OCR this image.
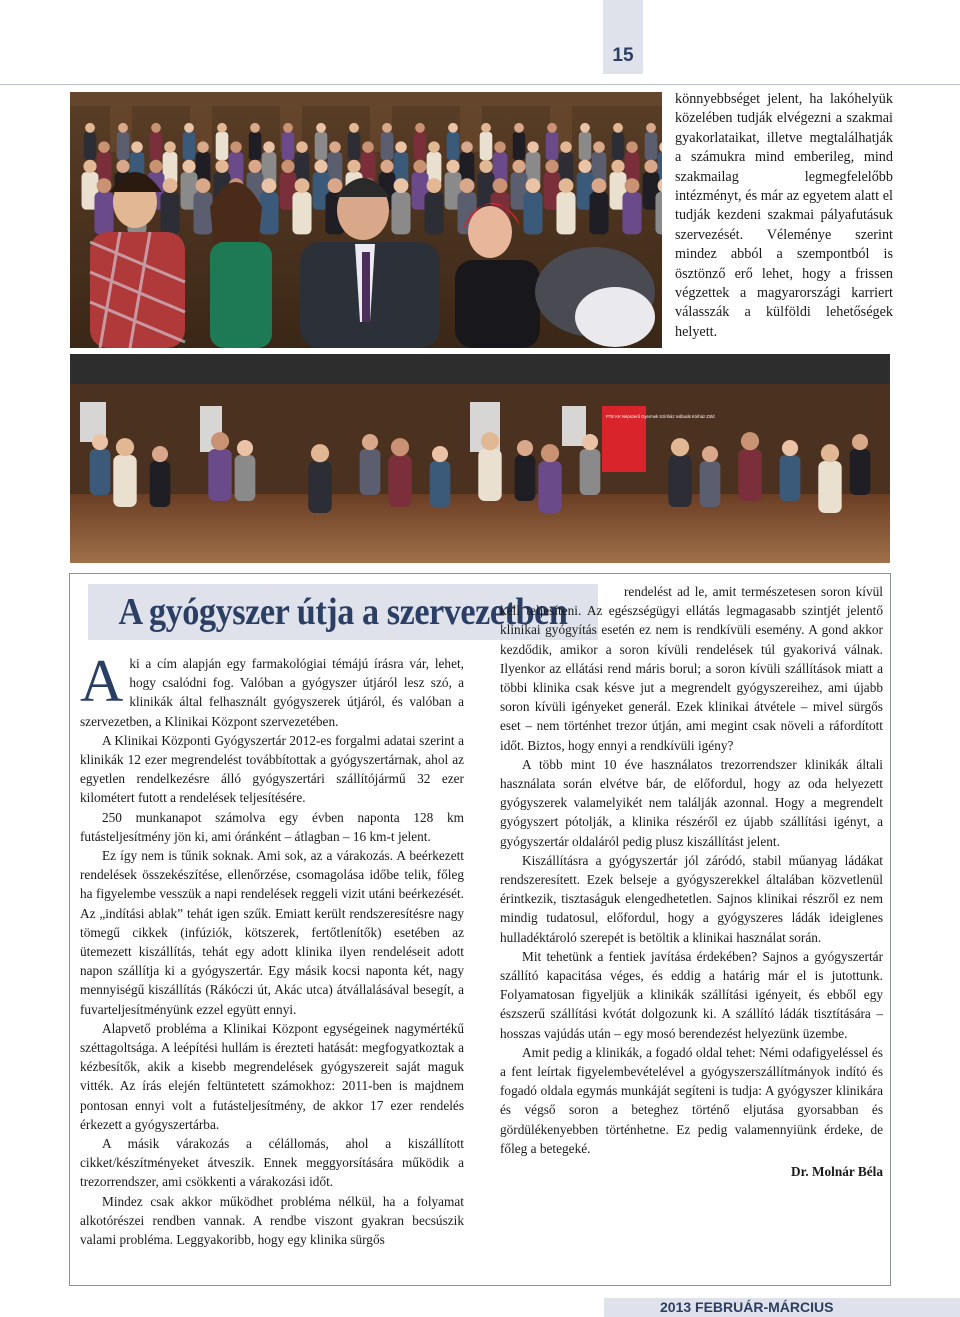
15
könnyebbséget jelent, ha lakóhelyük közelében tudják elvégezni a szakmai gyakorlataikat, illetve megtalálhatják a számukra mind emberileg, mind szakmailag legmegfelelőbb intézményt, és már az egyetem alatt el tudják kezdeni szakmai pályafutásuk szervezését. Véleménye szerint mindez abból a szempontból is ösztönző erő lehet, hogy a frissen végzettek a magyarországi karriert válasszák a külföldi lehetőségek helyett.
PTE KK Népszerű Gyermek Színház Ivóbarát Kórház Zöld
A gyógyszer útja a szervezetben

Aki a cím alapján egy farmakológiai témájú írásra vár, lehet, hogy csalódni fog. Valóban a gyógyszer útjáról lesz szó, a klinikák által felhasznált gyógyszerek útjáról, és valóban a szervezetben, a Klinikai Központ szervezetében.

A Klinikai Központi Gyógyszertár 2012-es forgalmi adatai szerint a klinikák 12 ezer megrendelést továbbítottak a gyógyszertárnak, ahol az egyetlen rendelkezésre álló gyógyszertári szállítójármű 32 ezer kilométert futott a rendelések teljesítésére.

250 munkanapot számolva egy évben naponta 128 km futásteljesítmény jön ki, ami óránként – átlagban – 16 km-t jelent.

Ez így nem is tűnik soknak. Ami sok, az a várakozás. A beérkezett rendelések összekészítése, ellenőrzése, csomagolása időbe telik, főleg ha figyelembe vesszük a napi rendelések reggeli vizit utáni beérkezését. Az „indítási ablak” tehát igen szűk. Emiatt került rendszeresítésre nagy tömegű cikkek (infúziók, kötszerek, fertőtlenítők) esetében az ütemezett kiszállítás, tehát egy adott klinika ilyen rendeléseit adott napon szállítja ki a gyógyszertár. Egy másik kocsi naponta két, nagy mennyiségű kiszállítás (Rákóczi út, Akác utca) átvállalásával besegít, a fuvarteljesítményünk ezzel együtt ennyi.

Alapvető probléma a Klinikai Központ egységeinek nagymértékű széttagoltsága. A leépítési hullám is érezteti hatását: megfogyatkoztak a kézbesítők, akik a kisebb megrendelések gyógyszereit saját maguk vitték. Az írás elején feltüntetett számokhoz: 2011-ben is majdnem pontosan ennyi volt a futásteljesítmény, de akkor 17 ezer rendelés érkezett a gyógyszertárba.

A másik várakozás a célállomás, ahol a kiszállított cikket/készítményeket átveszik. Ennek meggyorsítására működik a trezorrendszer, ami csökkenti a várakozási időt.

Mindez csak akkor működhet probléma nélkül, ha a folyamat alkotórészei rendben vannak. A rendbe viszont gyakran becsúszik valami probléma. Leggyakoribb, hogy egy klinika sürgős

rendelést ad le, amit természetesen soron kívül kell teljesíteni. Az egészségügyi ellátás legmagasabb szintjét jelentő klinikai gyógyítás esetén ez nem is rendkívüli esemény. A gond akkor kezdődik, amikor a soron kívüli rendelések túl gyakorivá válnak. Ilyenkor az ellátási rend máris borul; a soron kívüli szállítások miatt a többi klinika csak késve jut a megrendelt gyógyszereihez, ami újabb soron kívüli igényeket generál. Ezek klinikai átvétele – mivel sürgős eset – nem történhet trezor útján, ami megint csak növeli a ráfordított időt. Biztos, hogy ennyi a rendkívüli igény?

A több mint 10 éve használatos trezorrendszer klinikák általi használata során elvétve bár, de előfordul, hogy az oda helyezett gyógyszerek valamelyikét nem találják azonnal. Hogy a megrendelt gyógyszert pótolják, a klinika részéről ez újabb szállítási igényt, a gyógyszertár oldaláról pedig plusz kiszállítást jelent.

Kiszállításra a gyógyszertár jól záródó, stabil műanyag ládákat rendszeresített. Ezek belseje a gyógyszerekkel általában közvetlenül érintkezik, tisztaságuk elengedhetetlen. Sajnos klinikai részről ez nem mindig tudatosul, előfordul, hogy a gyógyszeres ládák ideiglenes hulladéktároló szerepét is betöltik a klinikai használat során.

Mit tehetünk a fentiek javítása érdekében? Sajnos a gyógyszertár szállító kapacitása véges, és eddig a határig már el is jutottunk. Folyamatosan figyeljük a klinikák szállítási igényeit, és ebből egy észszerű szállítási kvótát dolgozunk ki. A szállító ládák tisztítására – hosszas vajúdás után – egy mosó berendezést helyezünk üzembe.

Amit pedig a klinikák, a fogadó oldal tehet: Némi odafigyeléssel és a fent leírtak figyelembevételével a gyógyszerszállítmányok indító és fogadó oldala egymás munkáját segíteni is tudja: A gyógyszer klinikára és végső soron a beteghez történő eljutása gyorsabban és gördülékenyebben történhetne. Ez pedig valamennyiünk érdeke, de főleg a betegeké.

Dr. Molnár Béla
2013 FEBRUÁR-MÁRCIUS
